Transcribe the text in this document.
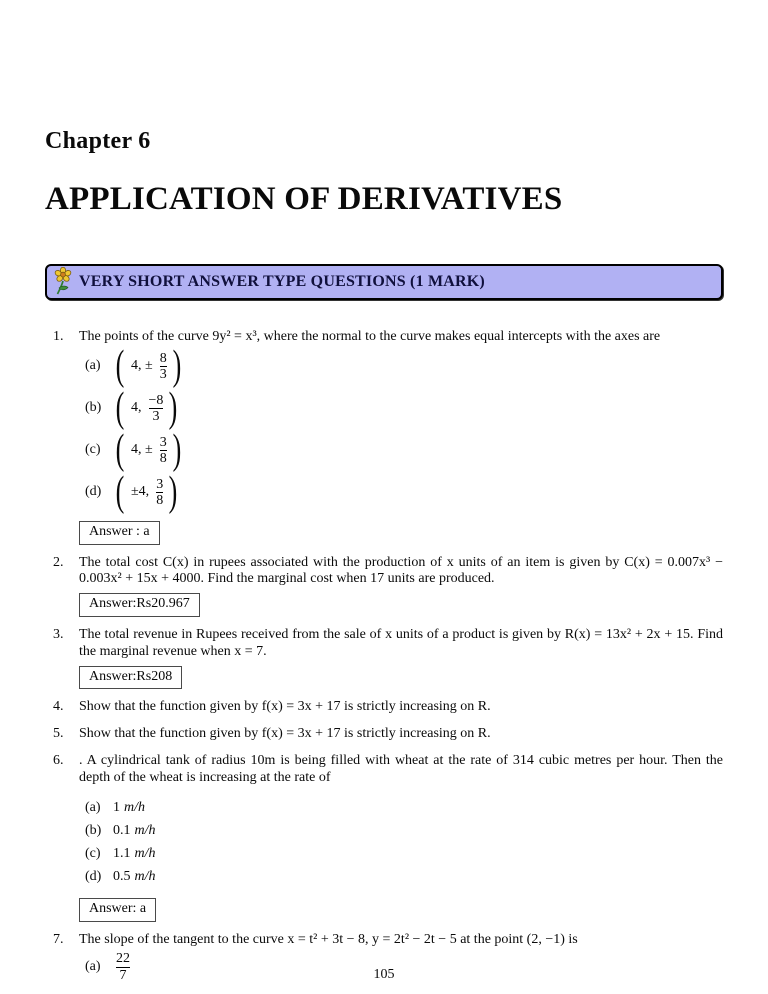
Chapter 6
APPLICATION OF DERIVATIVES
VERY SHORT ANSWER TYPE QUESTIONS (1 MARK)
1.	The points of the curve 9y² = x³, where the normal to the curve makes equal intercepts with the axes are
(a) ( 4, ± $\frac{8}{3}$ )
(b) ( 4, $\frac{-8}{3}$ )
(c) ( 4, ± $\frac{3}{8}$ )
(d) ( ±4, $\frac{3}{8}$ )
Answer : a
2.	The total cost C(x) in rupees associated with the production of x units of an item is given by C(x) = 0.007x³ − 0.003x² + 15x + 4000. Find the marginal cost when 17 units are produced.
Answer:Rs20.967
3.	The total revenue in Rupees received from the sale of x units of a product is given by R(x) = 13x² + 2x + 15. Find the marginal revenue when x = 7.
Answer:Rs208
4.	Show that the function given by f(x) = 3x + 17 is strictly increasing on R.
5.	Show that the function given by f(x) = 3x + 17 is strictly increasing on R.
6.	. A cylindrical tank of radius 10m is being filled with wheat at the rate of 314 cubic metres per hour. Then the depth of the wheat is increasing at the rate of
(a) 1 m/h
(b) 0.1 m/h
(c) 1.1 m/h
(d) 0.5 m/h
Answer: a
7.	The slope of the tangent to the curve x = t² + 3t − 8, y = 2t² − 2t − 5 at the point (2, −1) is
(a)	$\frac{22}{7}$	105
